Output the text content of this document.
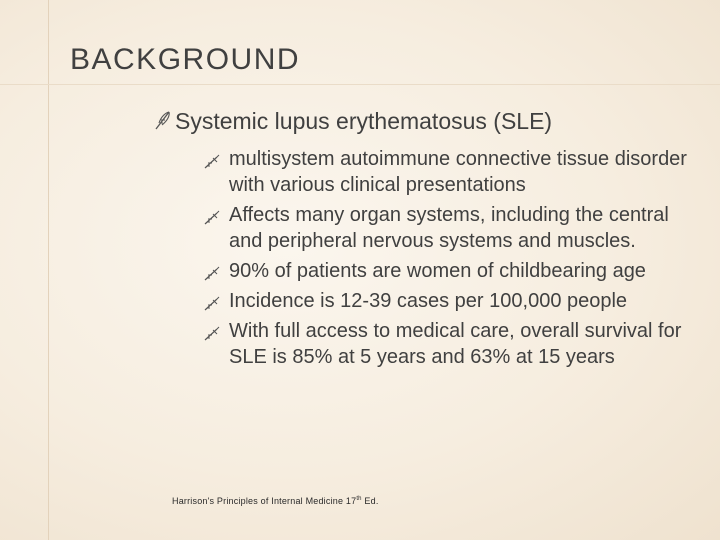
BACKGROUND
Systemic lupus erythematosus (SLE)
multisystem autoimmune connective tissue disorder with various clinical presentations
Affects many organ systems, including the central and peripheral nervous systems and muscles.
90% of patients are women of childbearing age
Incidence is 12-39 cases per 100,000 people
With full access to medical care, overall survival for SLE is 85% at 5 years and 63% at 15 years
Harrison's Principles of Internal Medicine 17th Ed.
